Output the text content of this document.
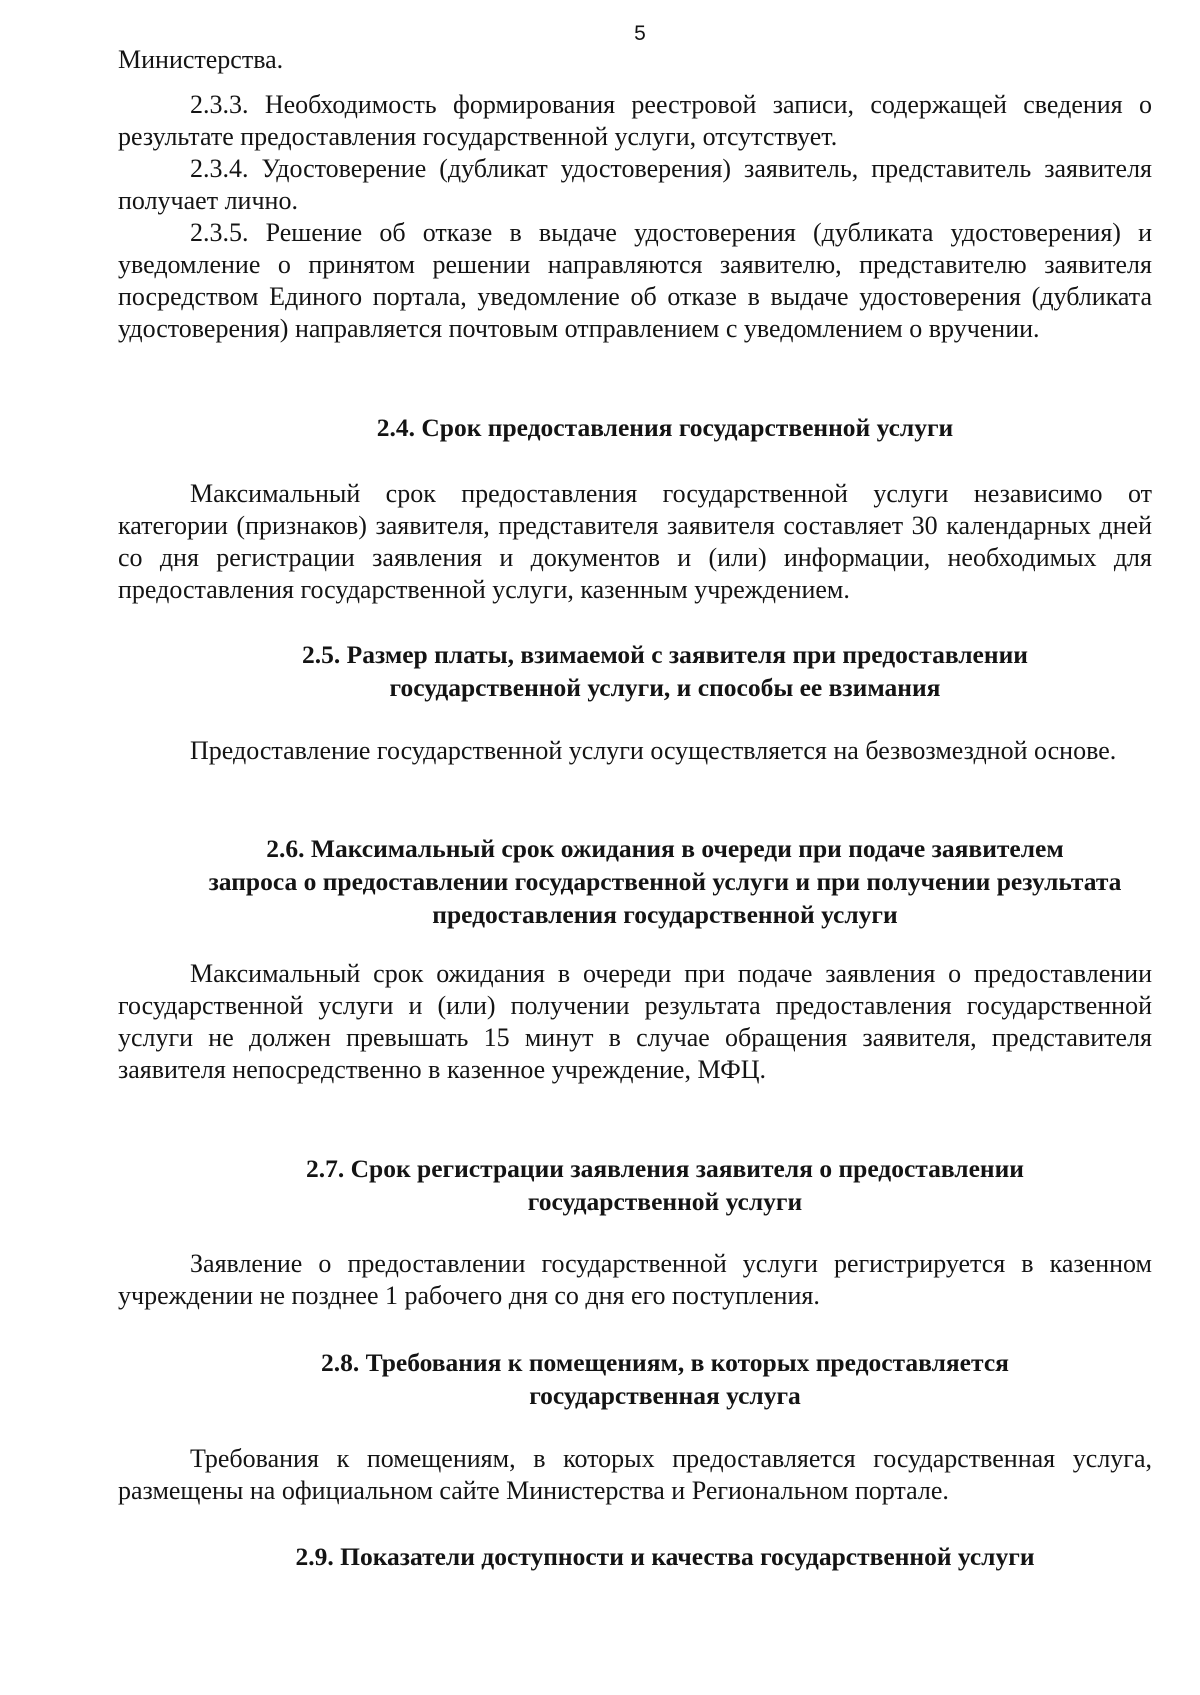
5

Министерства.

2.3.3. Необходимость формирования реестровой записи, содержащей сведения о результате предоставления государственной услуги, отсутствует.

2.3.4. Удостоверение (дубликат удостоверения) заявитель, представитель заявителя получает лично.

2.3.5. Решение об отказе в выдаче удостоверения (дубликата удостоверения) и уведомление о принятом решении направляются заявителю, представителю заявителя посредством Единого портала, уведомление об отказе в выдаче удостоверения (дубликата удостоверения) направляется почтовым отправлением с уведомлением о вручении.

2.4. Срок предоставления государственной услуги

Максимальный срок предоставления государственной услуги независимо от категории (признаков) заявителя, представителя заявителя составляет 30 календарных дней со дня регистрации заявления и документов и (или) информации, необходимых для предоставления государственной услуги, казенным учреждением.

2.5. Размер платы, взимаемой с заявителя при предоставлении
государственной услуги, и способы ее взимания

Предоставление государственной услуги осуществляется на безвозмездной основе.

2.6. Максимальный срок ожидания в очереди при подаче заявителем
запроса о предоставлении государственной услуги и при получении результата
предоставления государственной услуги

Максимальный срок ожидания в очереди при подаче заявления о предоставлении государственной услуги и (или) получении результата предоставления государственной услуги не должен превышать 15 минут в случае обращения заявителя, представителя заявителя непосредственно в казенное учреждение, МФЦ.

2.7. Срок регистрации заявления заявителя о предоставлении
государственной услуги

Заявление о предоставлении государственной услуги регистрируется в казенном учреждении не позднее 1 рабочего дня со дня его поступления.

2.8. Требования к помещениям, в которых предоставляется
государственная услуга

Требования к помещениям, в которых предоставляется государственная услуга, размещены на официальном сайте Министерства и Региональном портале.

2.9. Показатели доступности и качества государственной услуги
